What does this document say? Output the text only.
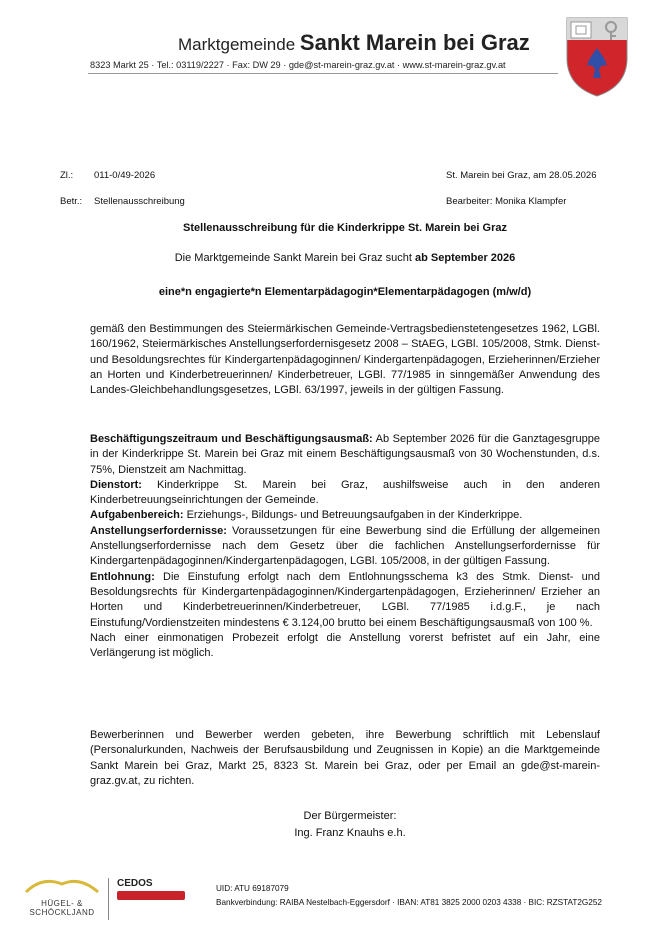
Marktgemeinde Sankt Marein bei Graz
8323 Markt 25 · Tel.: 03119/2227 · Fax: DW 29 · gde@st-marein-graz.gv.at · www.st-marein-graz.gv.at
Zl.: 011-0/49-2026	St. Marein bei Graz, am 28.05.2026
Betr.: Stellenausschreibung	Bearbeiter: Monika Klampfer
Stellenausschreibung für die Kinderkrippe St. Marein bei Graz
Die Marktgemeinde Sankt Marein bei Graz sucht ab September 2026
eine*n engagierte*n Elementarpädagogin*Elementarpädagogen (m/w/d)
gemäß den Bestimmungen des Steiermärkischen Gemeinde-Vertragsbedienstetengesetzes 1962, LGBl. 160/1962, Steiermärkisches Anstellungserfordernisgesetz 2008 – StAEG, LGBl. 105/2008, Stmk. Dienst- und Besoldungsrechtes für Kindergartenpädagoginnen/ Kindergartenpädagogen, Erzieherinnen/Erzieher an Horten und Kinderbetreuerinnen/ Kinderbetreuer, LGBl. 77/1985 in sinngemäßer Anwendung des Landes-Gleichbehandlungsgesetzes, LGBl. 63/1997, jeweils in der gültigen Fassung.
Beschäftigungszeitraum und Beschäftigungsausmaß: Ab September 2026 für die Ganztagesgruppe in der Kinderkrippe St. Marein bei Graz mit einem Beschäftigungsausmaß von 30 Wochenstunden, d.s. 75%, Dienstzeit am Nachmittag.
Dienstort: Kinderkrippe St. Marein bei Graz, aushilfsweise auch in den anderen Kinderbetreuungseinrichtungen der Gemeinde.
Aufgabenbereich: Erziehungs-, Bildungs- und Betreuungsaufgaben in der Kinderkrippe.
Anstellungserfordernisse: Voraussetzungen für eine Bewerbung sind die Erfüllung der allgemeinen Anstellungserfordernisse nach dem Gesetz über die fachlichen Anstellungserfordernisse für Kindergartenpädagoginnen/Kindergartenpädagogen, LGBl. 105/2008, in der gültigen Fassung.
Entlohnung: Die Einstufung erfolgt nach dem Entlohnungsschema k3 des Stmk. Dienst- und Besoldungsrechts für Kindergartenpädagoginnen/Kindergartenpädagogen, Erzieherinnen/ Erzieher an Horten und Kinderbetreuerinnen/Kinderbetreuer, LGBl. 77/1985 i.d.g.F., je nach Einstufung/Vordienstzeiten mindestens € 3.124,00 brutto bei einem Beschäftigungsausmaß von 100 %.
Nach einer einmonatigen Probezeit erfolgt die Anstellung vorerst befristet auf ein Jahr, eine Verlängerung ist möglich.
Bewerberinnen und Bewerber werden gebeten, ihre Bewerbung schriftlich mit Lebenslauf (Personalurkunden, Nachweis der Berufsausbildung und Zeugnissen in Kopie) an die Marktgemeinde Sankt Marein bei Graz, Markt 25, 8323 St. Marein bei Graz, oder per Email an gde@st-marein-graz.gv.at, zu richten.
Der Bürgermeister:
Ing. Franz Knauhs e.h.
HÜGEL- &
SCHÖCKLJAND
CEDOS	UID: ATU 69187079
Bankverbindung: RAIBA Nestelbach-Eggersdorf · IBAN: AT81 3825 2000 0203 4338 · BIC: RZSTAT2G252
